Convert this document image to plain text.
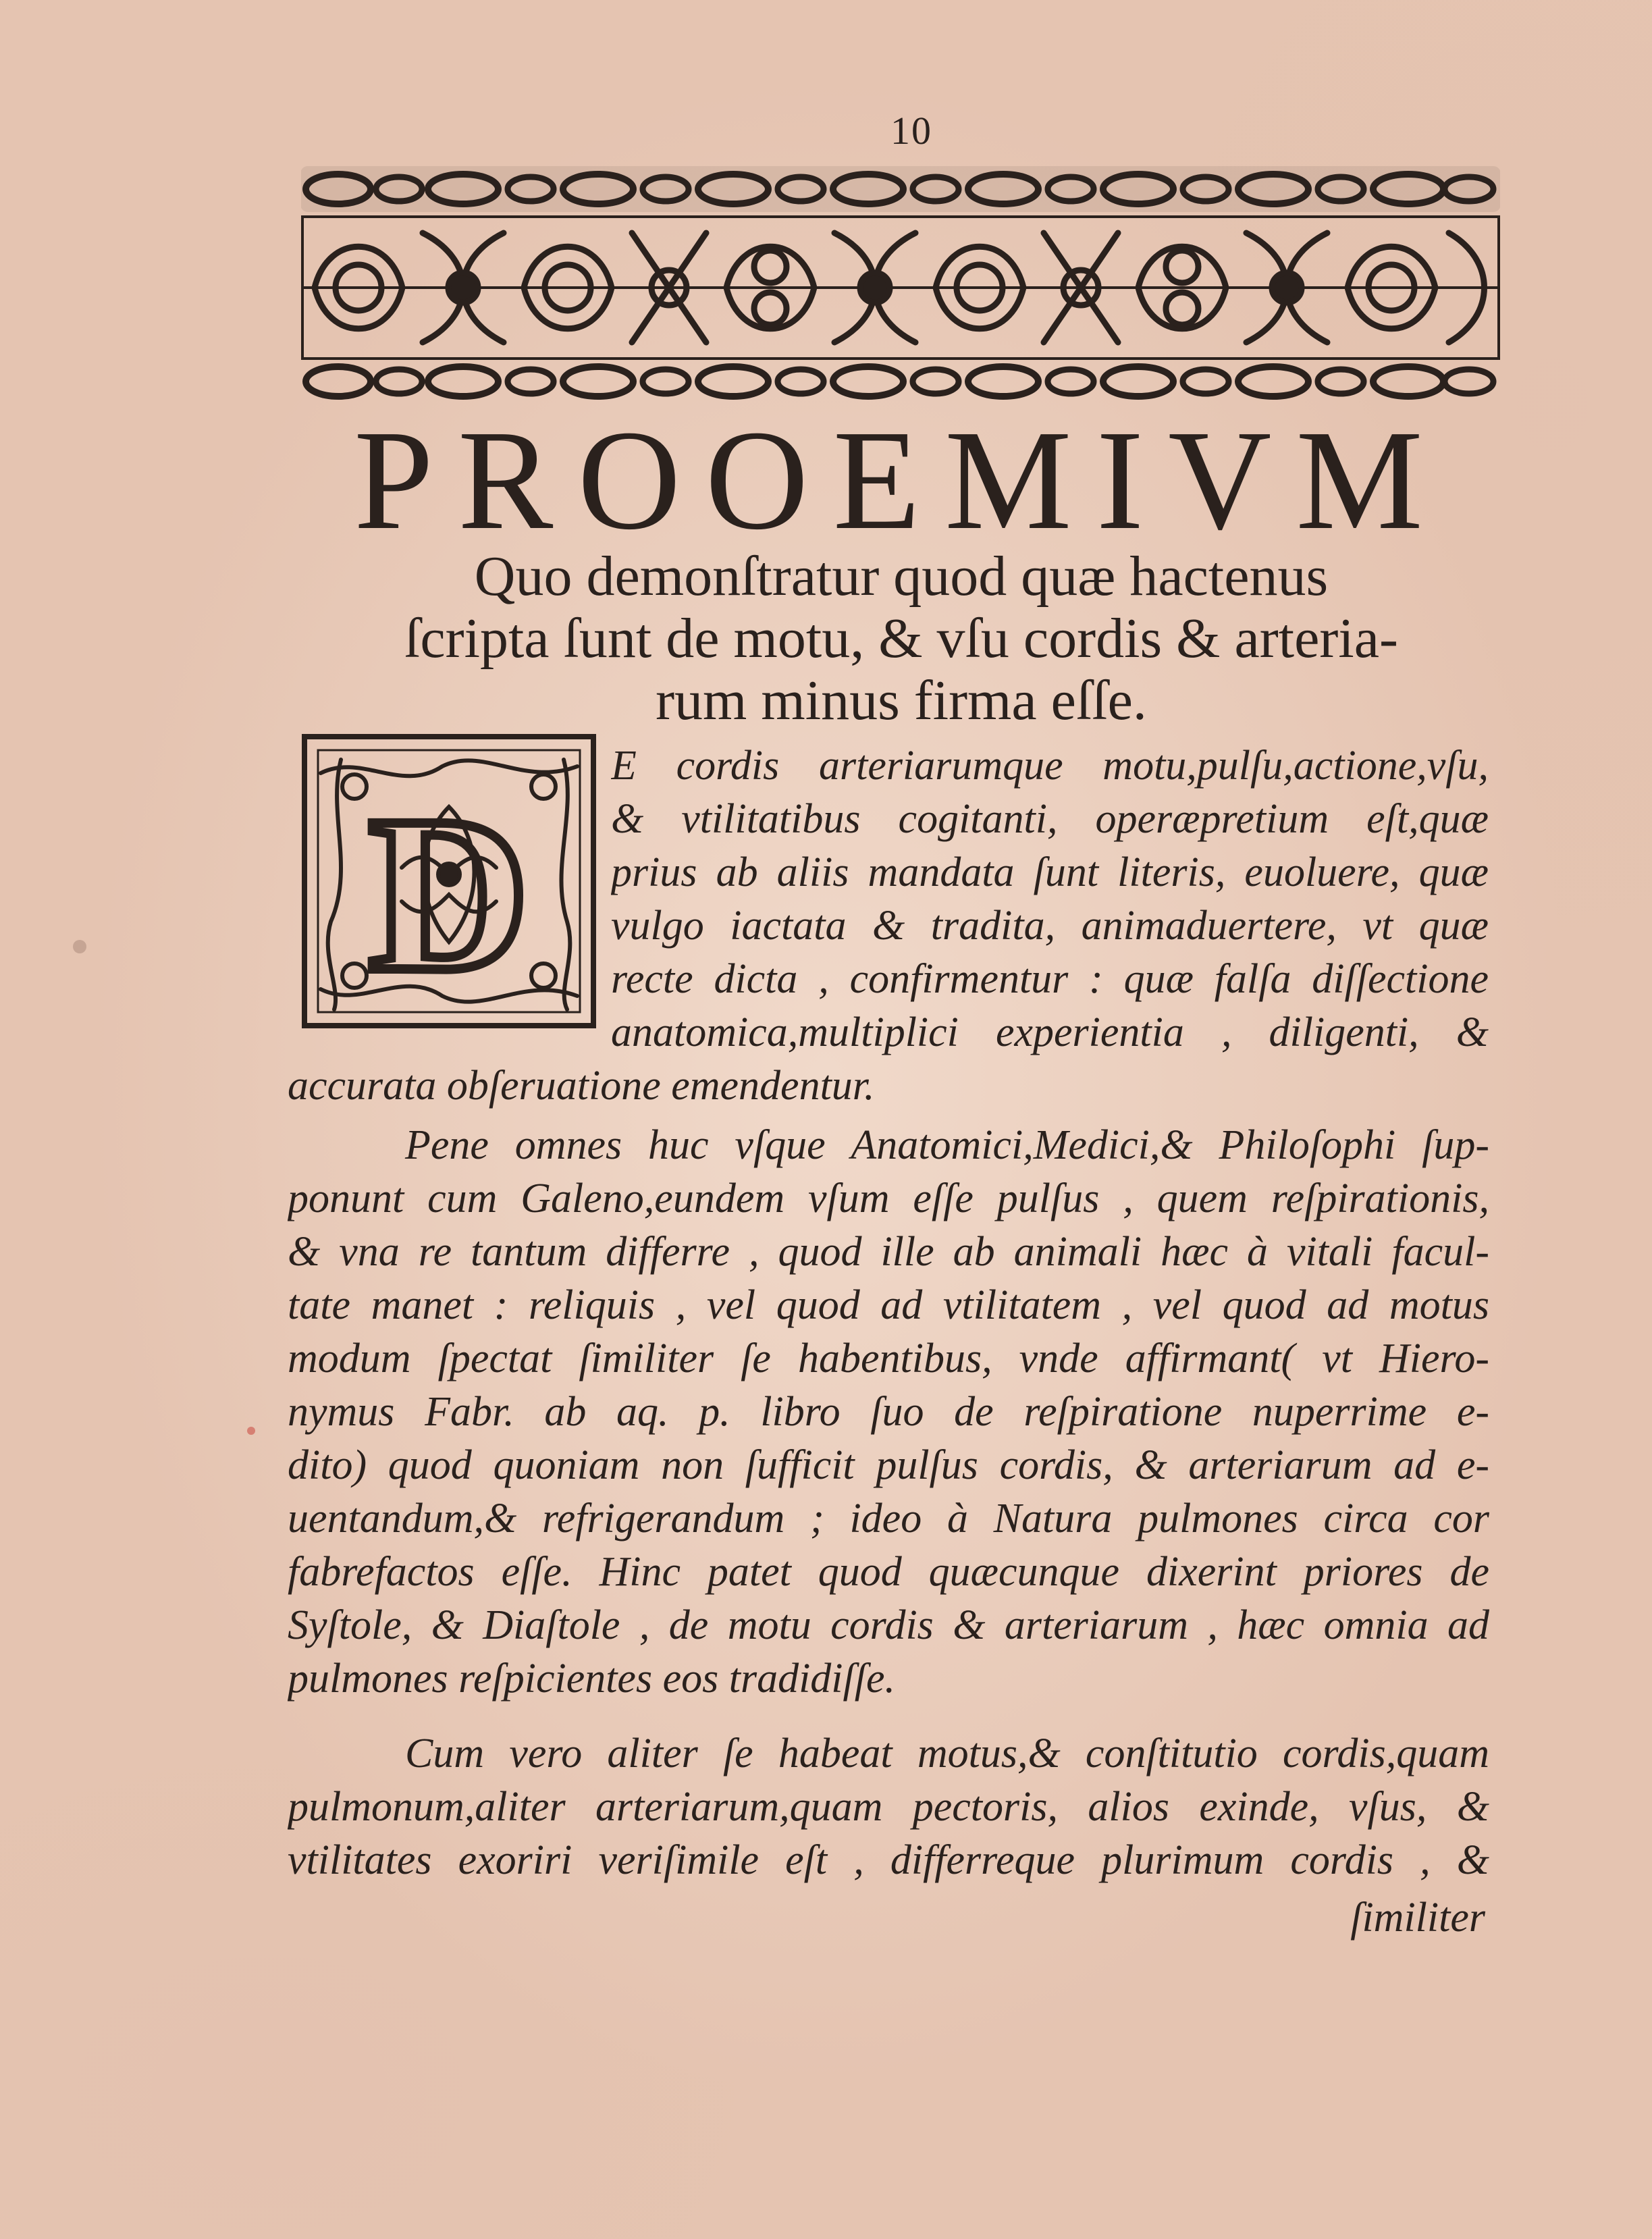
10
PROOEMIVM
Quo demonſtratur quod quæ hactenus
ſcripta ſunt de motu, & vſu cordis & arteria-
rum minus firma eſſe.
D
E cordis arteriarumque motu,pulſu,actione,vſu,
& vtilitatibus cogitanti, operæpretium eſt,quæ
prius ab aliis mandata ſunt literis, euoluere, quæ
vulgo iactata & tradita, animaduertere, vt quæ
recte dicta , confirmentur : quæ falſa diſſectione
anatomica,multiplici experientia , diligenti, &
accurata obſeruatione emendentur.
Pene omnes huc vſque Anatomici,Medici,& Philoſophi ſup-
ponunt cum Galeno,eundem vſum eſſe pulſus , quem reſpirationis,
& vna re tantum differre , quod ille ab animali hæc à vitali facul-
tate manet : reliquis , vel quod ad vtilitatem , vel quod ad motus
modum ſpectat ſimiliter ſe habentibus, vnde affirmant( vt Hiero-
nymus Fabr. ab aq. p. libro ſuo de reſpiratione nuperrime e-
dito) quod quoniam non ſufficit pulſus cordis, & arteriarum ad e-
uentandum,& refrigerandum ; ideo à Natura pulmones circa cor
fabrefactos eſſe. Hinc patet quod quæcunque dixerint priores de
Syſtole, & Diaſtole , de motu cordis & arteriarum , hæc omnia ad
pulmones reſpicientes eos tradidiſſe.
Cum vero aliter ſe habeat motus,& conſtitutio cordis,quam
pulmonum,aliter arteriarum,quam pectoris, alios exinde, vſus, &
vtilitates exoriri veriſimile eſt , differreque plurimum cordis , &
ſimiliter
